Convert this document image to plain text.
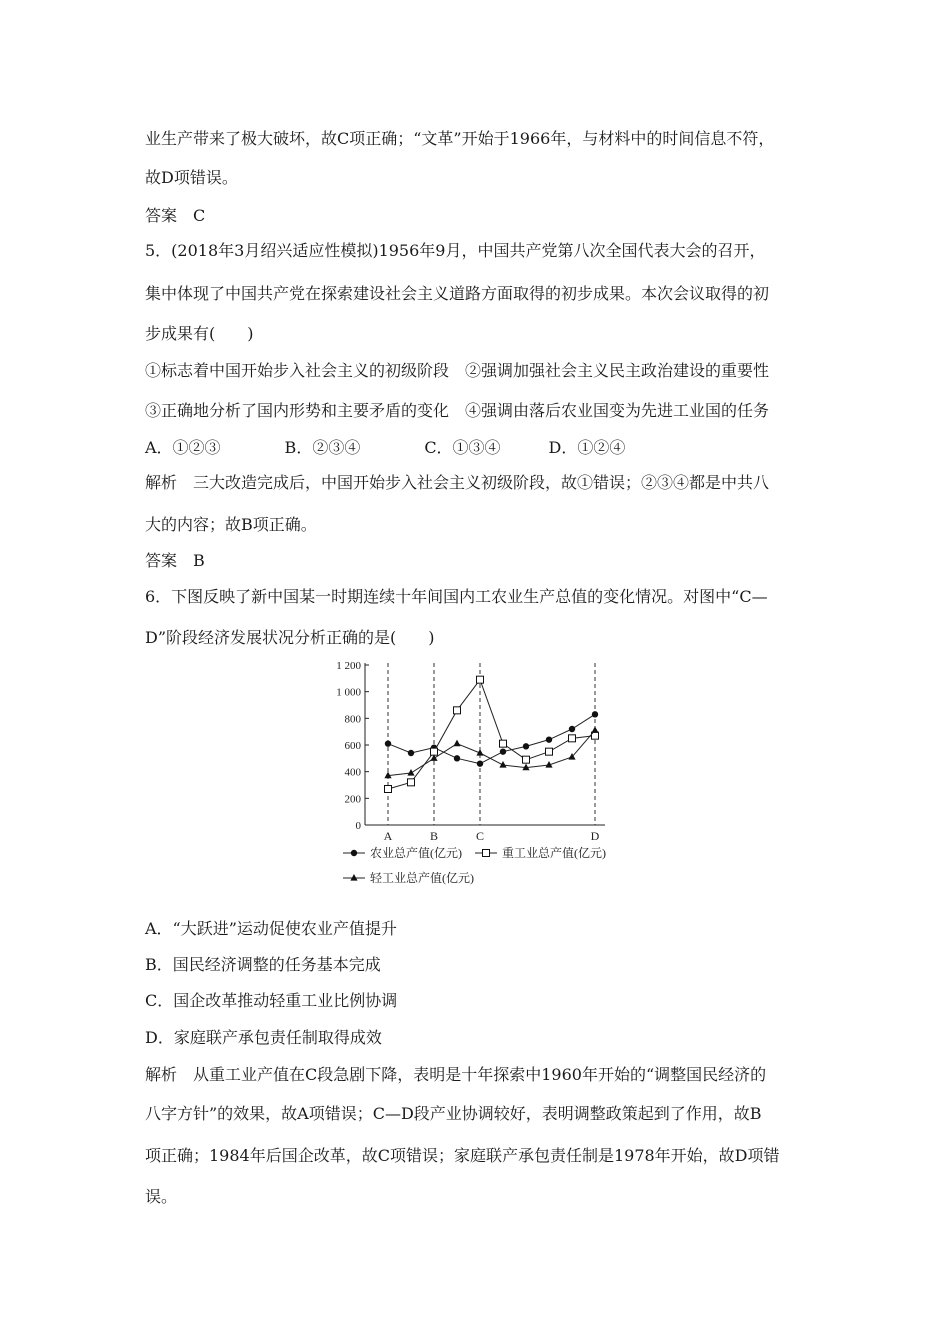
业生产带来了极大破坏，故C项正确；“文革”开始于1966年，与材料中的时间信息不符，
故D项错误。
答案　C
5．(2018年3月绍兴适应性模拟)1956年9月，中国共产党第八次全国代表大会的召开，
集中体现了中国共产党在探索建设社会主义道路方面取得的初步成果。本次会议取得的初
步成果有(　　)
①标志着中国开始步入社会主义的初级阶段　②强调加强社会主义民主政治建设的重要性
③正确地分析了国内形势和主要矛盾的变化　④强调由落后农业国变为先进工业国的任务
A．①②③　　　　B．②③④　　　　C．①③④　　　D．①②④
解析　三大改造完成后，中国开始步入社会主义初级阶段，故①错误；②③④都是中共八
大的内容；故B项正确。
答案　B
6．下图反映了新中国某一时期连续十年间国内工农业生产总值的变化情况。对图中“C—
D”阶段经济发展状况分析正确的是(　　)
0
200
400
600
800
1 000
1 200
A	B	C	D
农业总产值(亿元)	重工业总产值(亿元)
轻工业总产值(亿元)
A．“大跃进”运动促使农业产值提升
B．国民经济调整的任务基本完成
C．国企改革推动轻重工业比例协调
D．家庭联产承包责任制取得成效
解析　从重工业产值在C段急剧下降，表明是十年探索中1960年开始的“调整国民经济的
八字方针”的效果，故A项错误；C—D段产业协调较好，表明调整政策起到了作用，故B
项正确；1984年后国企改革，故C项错误；家庭联产承包责任制是1978年开始，故D项错
误。
